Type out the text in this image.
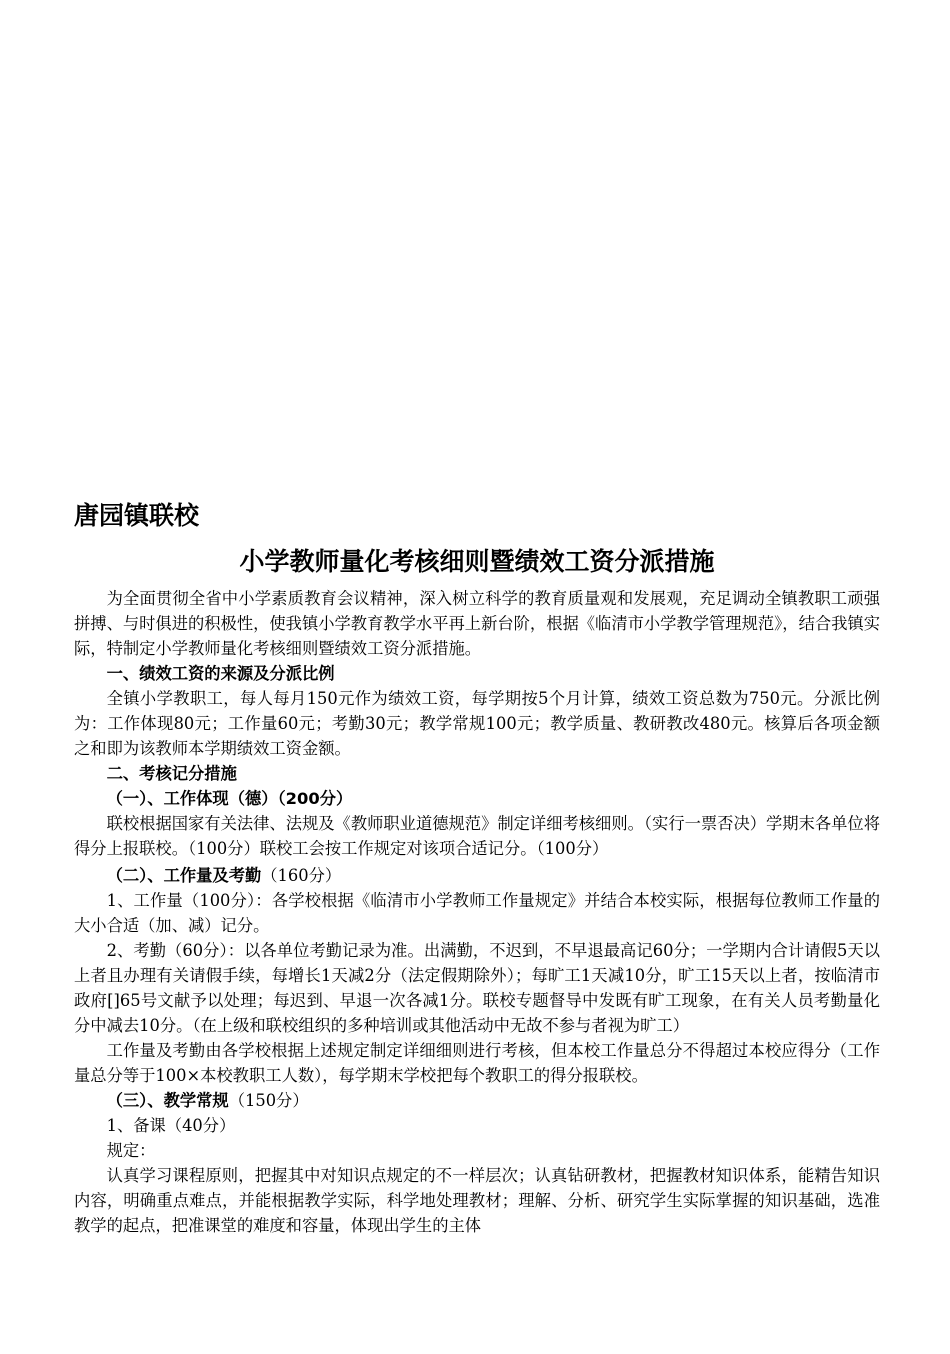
唐园镇联校
小学教师量化考核细则暨绩效工资分派措施

为全面贯彻全省中小学素质教育会议精神，深入树立科学的教育质量观和发展观，充足调动全镇教职工顽强拼搏、与时俱进的积极性，使我镇小学教育教学水平再上新台阶，根据《临清市小学教学管理规范》，结合我镇实际，特制定小学教师量化考核细则暨绩效工资分派措施。

一、绩效工资的来源及分派比例

全镇小学教职工，每人每月150元作为绩效工资，每学期按5个月计算，绩效工资总数为750元。分派比例为：工作体现80元；工作量60元；考勤30元；教学常规100元；教学质量、教研教改480元。核算后各项金额之和即为该教师本学期绩效工资金额。

二、考核记分措施

（一）、工作体现（德）（200分）

联校根据国家有关法律、法规及《教师职业道德规范》制定详细考核细则。（实行一票否决）学期末各单位将得分上报联校。（100分）联校工会按工作规定对该项合适记分。（100分）

（二）、工作量及考勤（160分）

1、工作量（100分）：各学校根据《临清市小学教师工作量规定》并结合本校实际，根据每位教师工作量的大小合适（加、减）记分。

2、考勤（60分）：以各单位考勤记录为准。出满勤，不迟到，不早退最高记60分；一学期内合计请假5天以上者且办理有关请假手续，每增长1天减2分（法定假期除外）；每旷工1天减10分，旷工15天以上者，按临清市政府[]65号文献予以处理；每迟到、早退一次各减1分。联校专题督导中发既有旷工现象，在有关人员考勤量化分中减去10分。（在上级和联校组织的多种培训或其他活动中无故不参与者视为旷工）

工作量及考勤由各学校根据上述规定制定详细细则进行考核，但本校工作量总分不得超过本校应得分（工作量总分等于100×本校教职工人数），每学期末学校把每个教职工的得分报联校。

（三）、教学常规（150分）

1、备课（40分）

规定：

认真学习课程原则，把握其中对知识点规定的不一样层次；认真钻研教材，把握教材知识体系，能精告知识内容，明确重点难点，并能根据教学实际，科学地处理教材；理解、分析、研究学生实际掌握的知识基础，选准教学的起点，把准课堂的难度和容量，体现出学生的主体
